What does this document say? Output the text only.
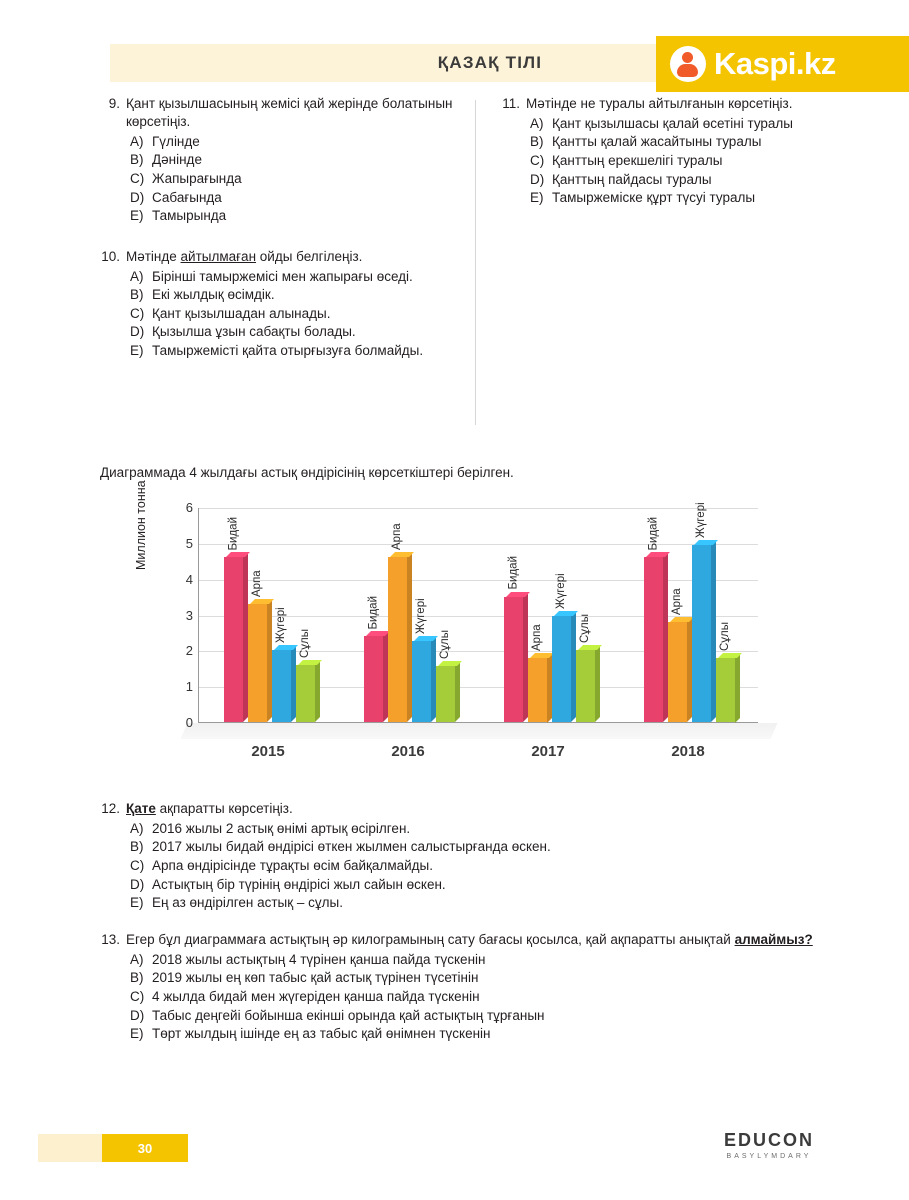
ҚАЗАҚ ТІЛІ	Kaspi.kz
9. Қант қызылшасының жемісі қай жерінде болатынын көрсетіңіз.
A) Гүлінде
B) Дәнінде
C) Жапырағында
D) Сабағында
E) Тамырында
10. Мәтінде айтылмаған ойды белгілеңіз.
A) Бірінші тамыржемісі мен жапырағы өседі.
B) Екі жылдық өсімдік.
C) Қант қызылшадан алынады.
D) Қызылша ұзын сабақты болады.
E) Тамыржемісті қайта отырғызуға болмайды.
11. Мәтінде не туралы айтылғанын көрсетіңіз.
A) Қант қызылшасы қалай өсетіні туралы
B) Қантты қалай жасайтыны туралы
C) Қанттың ерекшелігі туралы
D) Қанттың пайдасы туралы
E) Тамыржеміске құрт түсуі туралы
Диаграммада 4 жылдағы астық өндірісінің көрсеткіштері берілген.
Миллион тонна
0
1
2
3
4
5
6
Бидай
Арпа
Жүгері Сұлы
Бидай
Арпа
Жүгері
Сұлы
Бидай
Арпа
Жүгері
Сұлы
Бидай
Арпа
Жүгері
Сұлы
2015	2016	2017	2018
12. Қате ақпаратты көрсетіңіз.
A) 2016 жылы 2 астық өнімі артық өсірілген.
B) 2017 жылы бидай өндірісі өткен жылмен салыстырғанда өскен.
C) Арпа өндірісінде тұрақты өсім байқалмайды.
D) Астықтың бір түрінің өндірісі жыл сайын өскен.
E) Ең аз өндірілген астық – сұлы.
13. Егер бұл диаграммаға астықтың әр килограмының сату бағасы қосылса, қай ақпаратты анықтай алмаймыз?
A) 2018 жылы астықтың 4 түрінен қанша пайда түскенін
B) 2019 жылы ең көп табыс қай астық түрінен түсетінін
C) 4 жылда бидай мен жүгеріден қанша пайда түскенін
D) Табыс деңгейі бойынша екінші орында қай астықтың тұрғанын
E) Төрт жылдың ішінде ең аз табыс қай өнімнен түскенін
30	EDUCON
BASYLYMDARY
